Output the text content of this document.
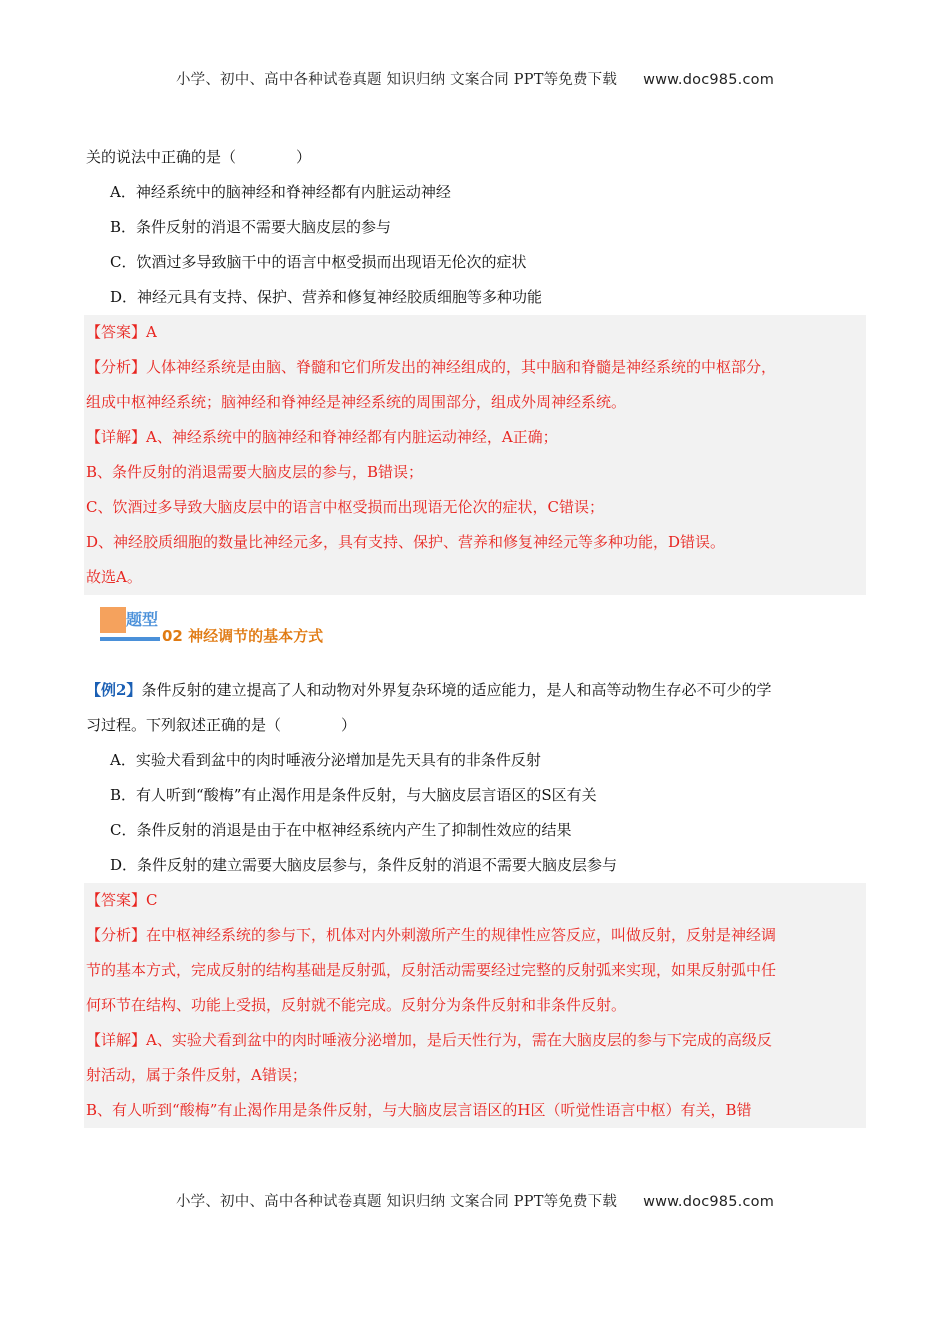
小学、初中、高中各种试卷真题 知识归纳 文案合同 PPT等免费下载 www.doc985.com
关的说法中正确的是（　　　　）
A．神经系统中的脑神经和脊神经都有内脏运动神经
B．条件反射的消退不需要大脑皮层的参与
C．饮酒过多导致脑干中的语言中枢受损而出现语无伦次的症状
D．神经元具有支持、保护、营养和修复神经胶质细胞等多种功能
【答案】A
【分析】人体神经系统是由脑、脊髓和它们所发出的神经组成的，其中脑和脊髓是神经系统的中枢部分，
组成中枢神经系统；脑神经和脊神经是神经系统的周围部分，组成外周神经系统。
【详解】A、神经系统中的脑神经和脊神经都有内脏运动神经，A正确；
B、条件反射的消退需要大脑皮层的参与，B错误；
C、饮酒过多导致大脑皮层中的语言中枢受损而出现语无伦次的症状，C错误；
D、神经胶质细胞的数量比神经元多，具有支持、保护、营养和修复神经元等多种功能，D错误。
故选A。
题型
02 神经调节的基本方式
【例2】条件反射的建立提高了人和动物对外界复杂环境的适应能力，是人和高等动物生存必不可少的学
习过程。下列叙述正确的是（　　　　）
A．实验犬看到盆中的肉时唾液分泌增加是先天具有的非条件反射
B．有人听到“酸梅”有止渴作用是条件反射，与大脑皮层言语区的S区有关
C．条件反射的消退是由于在中枢神经系统内产生了抑制性效应的结果
D．条件反射的建立需要大脑皮层参与，条件反射的消退不需要大脑皮层参与
【答案】C
【分析】在中枢神经系统的参与下，机体对内外刺激所产生的规律性应答反应，叫做反射，反射是神经调
节的基本方式，完成反射的结构基础是反射弧，反射活动需要经过完整的反射弧来实现，如果反射弧中任
何环节在结构、功能上受损，反射就不能完成。反射分为条件反射和非条件反射。
【详解】A、实验犬看到盆中的肉时唾液分泌增加，是后天性行为，需在大脑皮层的参与下完成的高级反
射活动，属于条件反射，A错误；
B、有人听到“酸梅”有止渴作用是条件反射，与大脑皮层言语区的H区（听觉性语言中枢）有关，B错
小学、初中、高中各种试卷真题 知识归纳 文案合同 PPT等免费下载 www.doc985.com
